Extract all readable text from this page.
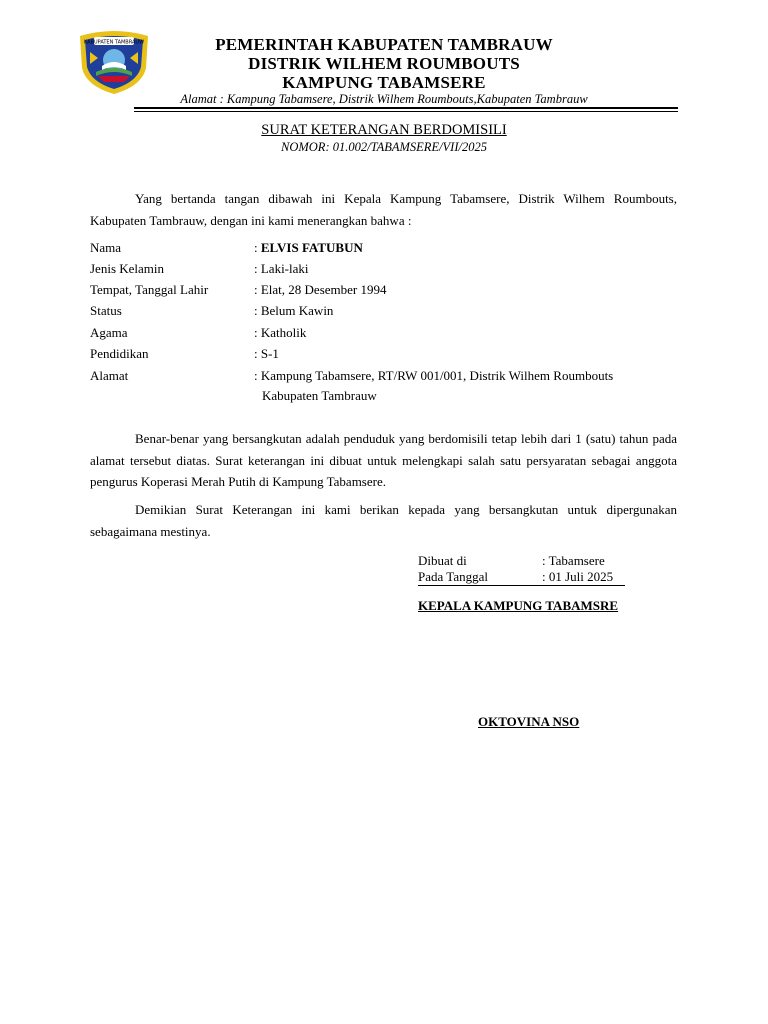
KABUPATEN TAMBRAUW	PEMERINTAH KABUPATEN TAMBRAUW
DISTRIK WILHEM ROUMBOUTS
KAMPUNG TABAMSERE
Alamat : Kampung Tabamsere, Distrik Wilhem Roumbouts,Kabupaten Tambrauw
SURAT KETERANGAN BERDOMISILI
NOMOR: 01.002/TABAMSERE/VII/2025
Yang bertanda tangan dibawah ini Kepala Kampung Tabamsere, Distrik Wilhem Roumbouts, Kabupaten Tambrauw, dengan ini kami menerangkan bahwa :
Nama	: ELVIS FATUBUN
Jenis Kelamin	: Laki-laki
Tempat, Tanggal Lahir	: Elat, 28 Desember 1994
Status	: Belum Kawin
Agama	: Katholik
Pendidikan	: S-1
Alamat	: Kampung Tabamsere, RT/RW 001/001, Distrik Wilhem Roumbouts
Kabupaten Tambrauw
Benar-benar yang bersangkutan adalah penduduk yang berdomisili tetap lebih dari 1 (satu) tahun pada alamat tersebut diatas. Surat keterangan ini dibuat untuk melengkapi salah satu persyaratan sebagai anggota pengurus Koperasi Merah Putih di Kampung Tabamsere.
Demikian Surat Keterangan ini kami berikan kepada yang bersangkutan untuk dipergunakan sebagaimana mestinya.
Dibuat di	: Tabamsere
Pada Tanggal	: 01 Juli 2025
KEPALA KAMPUNG TABAMSRE
OKTOVINA NSO
